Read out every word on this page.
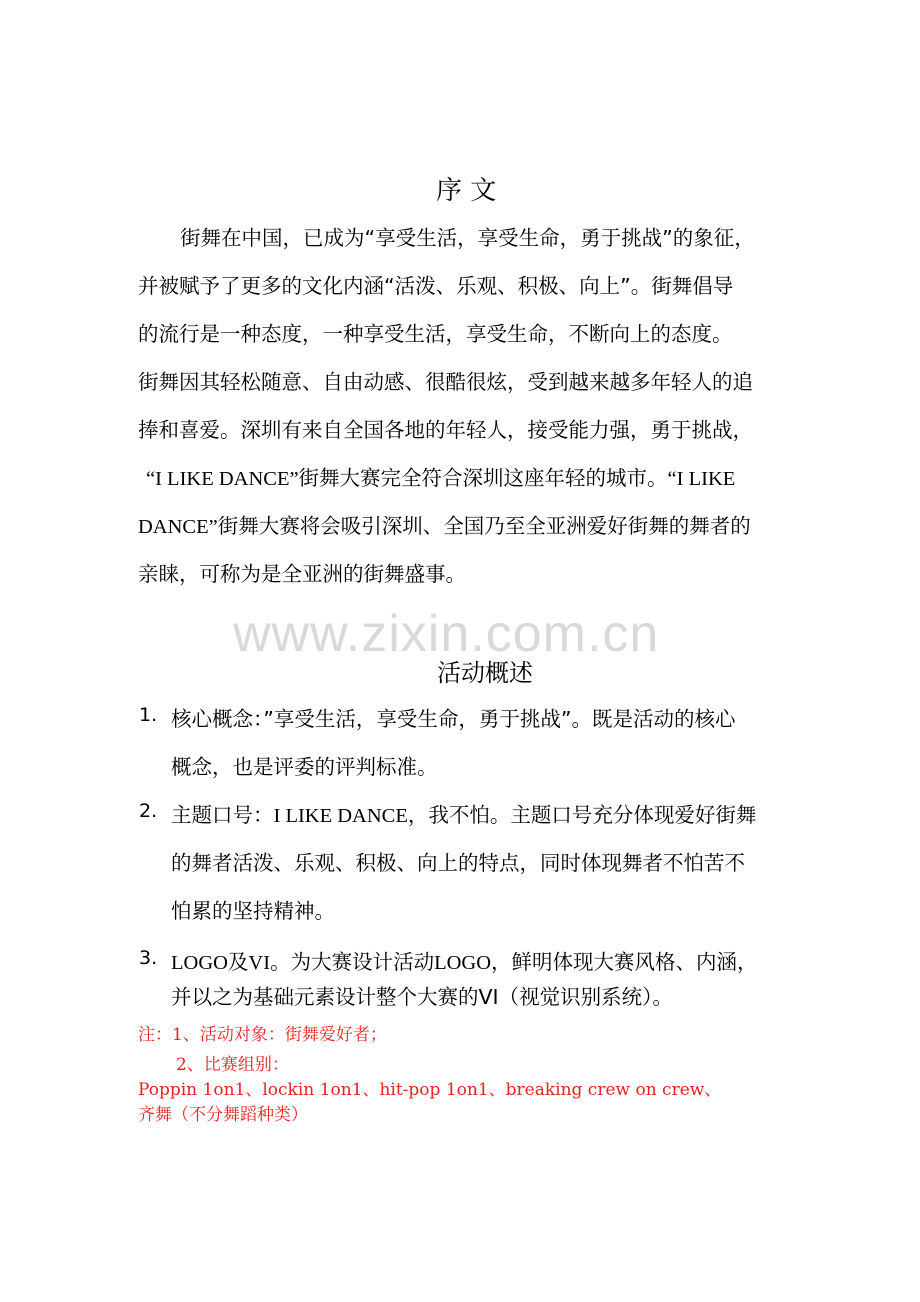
序 文
街舞在中国，已成为“享受生活，享受生命，勇于挑战”的象征，
并被赋予了更多的文化内涵“活泼、乐观、积极、向上”。街舞倡导
的流行是一种态度，一种享受生活，享受生命，不断向上的态度。
街舞因其轻松随意、自由动感、很酷很炫，受到越来越多年轻人的追
捧和喜爱。深圳有来自全国各地的年轻人，接受能力强，勇于挑战，
“I LIKE DANCE”街舞大赛完全符合深圳这座年轻的城市。“I LIKE
DANCE”街舞大赛将会吸引深圳、全国乃至全亚洲爱好街舞的舞者的
亲睐，可称为是全亚洲的街舞盛事。
www.zixin.com.cn
活动概述
1. 核心概念：”享受生活，享受生命，勇于挑战”。既是活动的核心
概念，也是评委的评判标准。
2. 主题口号：I LIKE DANCE，我不怕。主题口号充分体现爱好街舞
的舞者活泼、乐观、积极、向上的特点，同时体现舞者不怕苦不
怕累的坚持精神。
3. LOGO及VI。为大赛设计活动LOGO，鲜明体现大赛风格、内涵，
并以之为基础元素设计整个大赛的VI（视觉识别系统）。
注：1、活动对象：街舞爱好者；
2、比赛组别：
Poppin 1on1、lockin 1on1、hit-pop 1on1、breaking crew on crew、
齐舞（不分舞蹈种类）
